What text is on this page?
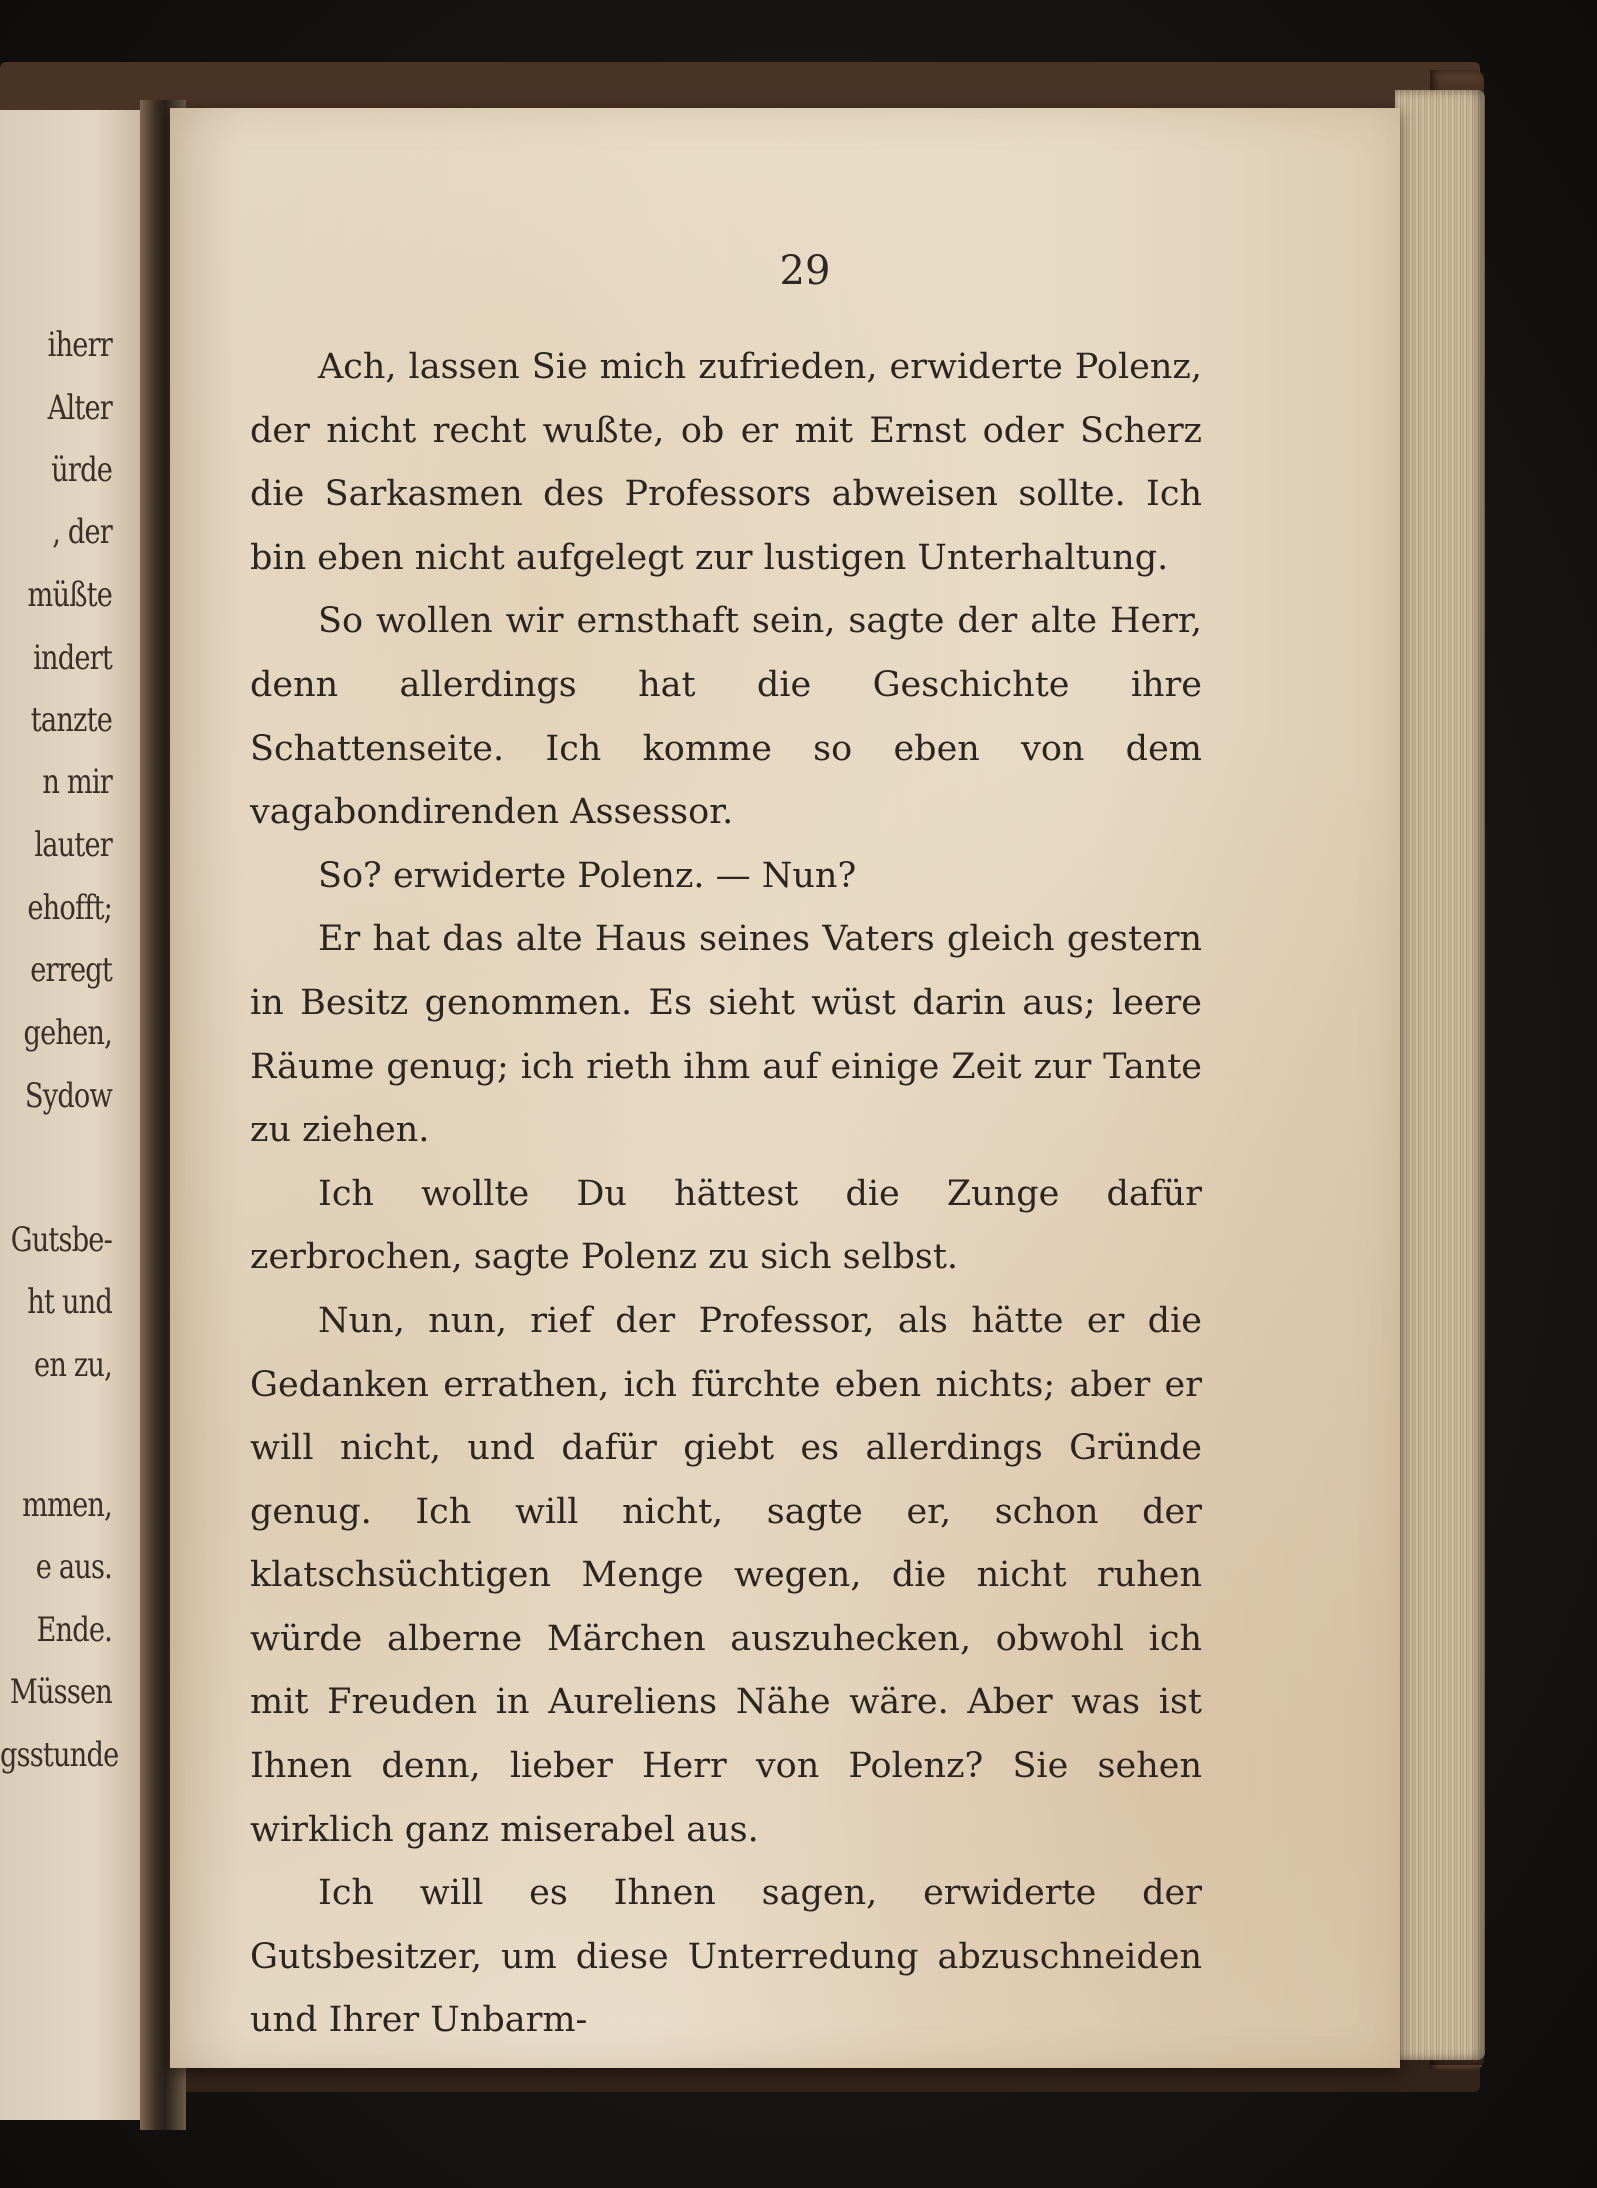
iherr
Alter
ürde
, der
müßte
indert
tanzte
n mir
lauter
ehofft;
erregt
gehen,
Sydow
Gutsbe-
ht und
en zu,
mmen,
e aus.
Ende.
Müssen
gsstunde
29

Ach, lassen Sie mich zufrieden, erwiderte Polenz, der nicht recht wußte, ob er mit Ernst oder Scherz die Sarkasmen des Professors abweisen sollte. Ich bin eben nicht aufgelegt zur lustigen Unterhaltung.

So wollen wir ernsthaft sein, sagte der alte Herr, denn allerdings hat die Geschichte ihre Schattenseite. Ich komme so eben von dem vagabondirenden Assessor.

So? erwiderte Polenz. — Nun?

Er hat das alte Haus seines Vaters gleich gestern in Besitz genommen. Es sieht wüst darin aus; leere Räume genug; ich rieth ihm auf einige Zeit zur Tante zu ziehen.

Ich wollte Du hättest die Zunge dafür zerbrochen, sagte Polenz zu sich selbst.

Nun, nun, rief der Professor, als hätte er die Gedanken errathen, ich fürchte eben nichts; aber er will nicht, und dafür giebt es allerdings Gründe genug. Ich will nicht, sagte er, schon der klatschsüchtigen Menge wegen, die nicht ruhen würde alberne Märchen auszuhecken, obwohl ich mit Freuden in Aureliens Nähe wäre. Aber was ist Ihnen denn, lieber Herr von Polenz? Sie sehen wirklich ganz miserabel aus.

Ich will es Ihnen sagen, erwiderte der Gutsbesitzer, um diese Unterredung abzuschneiden und Ihrer Unbarm-
